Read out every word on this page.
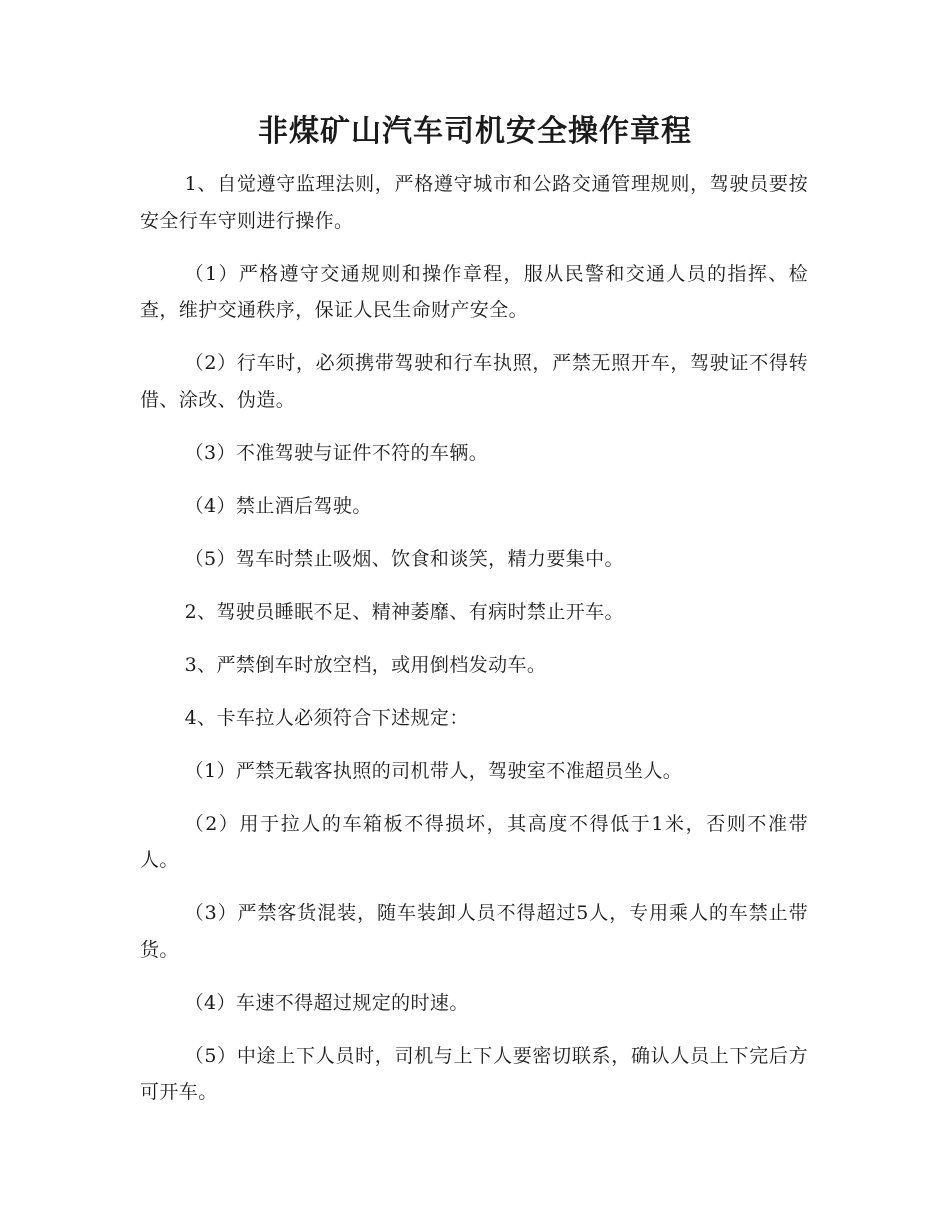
非煤矿山汽车司机安全操作章程

1、自觉遵守监理法则，严格遵守城市和公路交通管理规则，驾驶员要按安全行车守则进行操作。

（1）严格遵守交通规则和操作章程，服从民警和交通人员的指挥、检查，维护交通秩序，保证人民生命财产安全。

（2）行车时，必须携带驾驶和行车执照，严禁无照开车，驾驶证不得转借、涂改、伪造。

（3）不准驾驶与证件不符的车辆。

（4）禁止酒后驾驶。

（5）驾车时禁止吸烟、饮食和谈笑，精力要集中。

2、驾驶员睡眠不足、精神萎靡、有病时禁止开车。

3、严禁倒车时放空档，或用倒档发动车。

4、卡车拉人必须符合下述规定：

（1）严禁无载客执照的司机带人，驾驶室不准超员坐人。

（2）用于拉人的车箱板不得损坏，其高度不得低于1米，否则不准带人。

（3）严禁客货混装，随车装卸人员不得超过5人，专用乘人的车禁止带货。

（4）车速不得超过规定的时速。

（5）中途上下人员时，司机与上下人要密切联系，确认人员上下完后方可开车。
